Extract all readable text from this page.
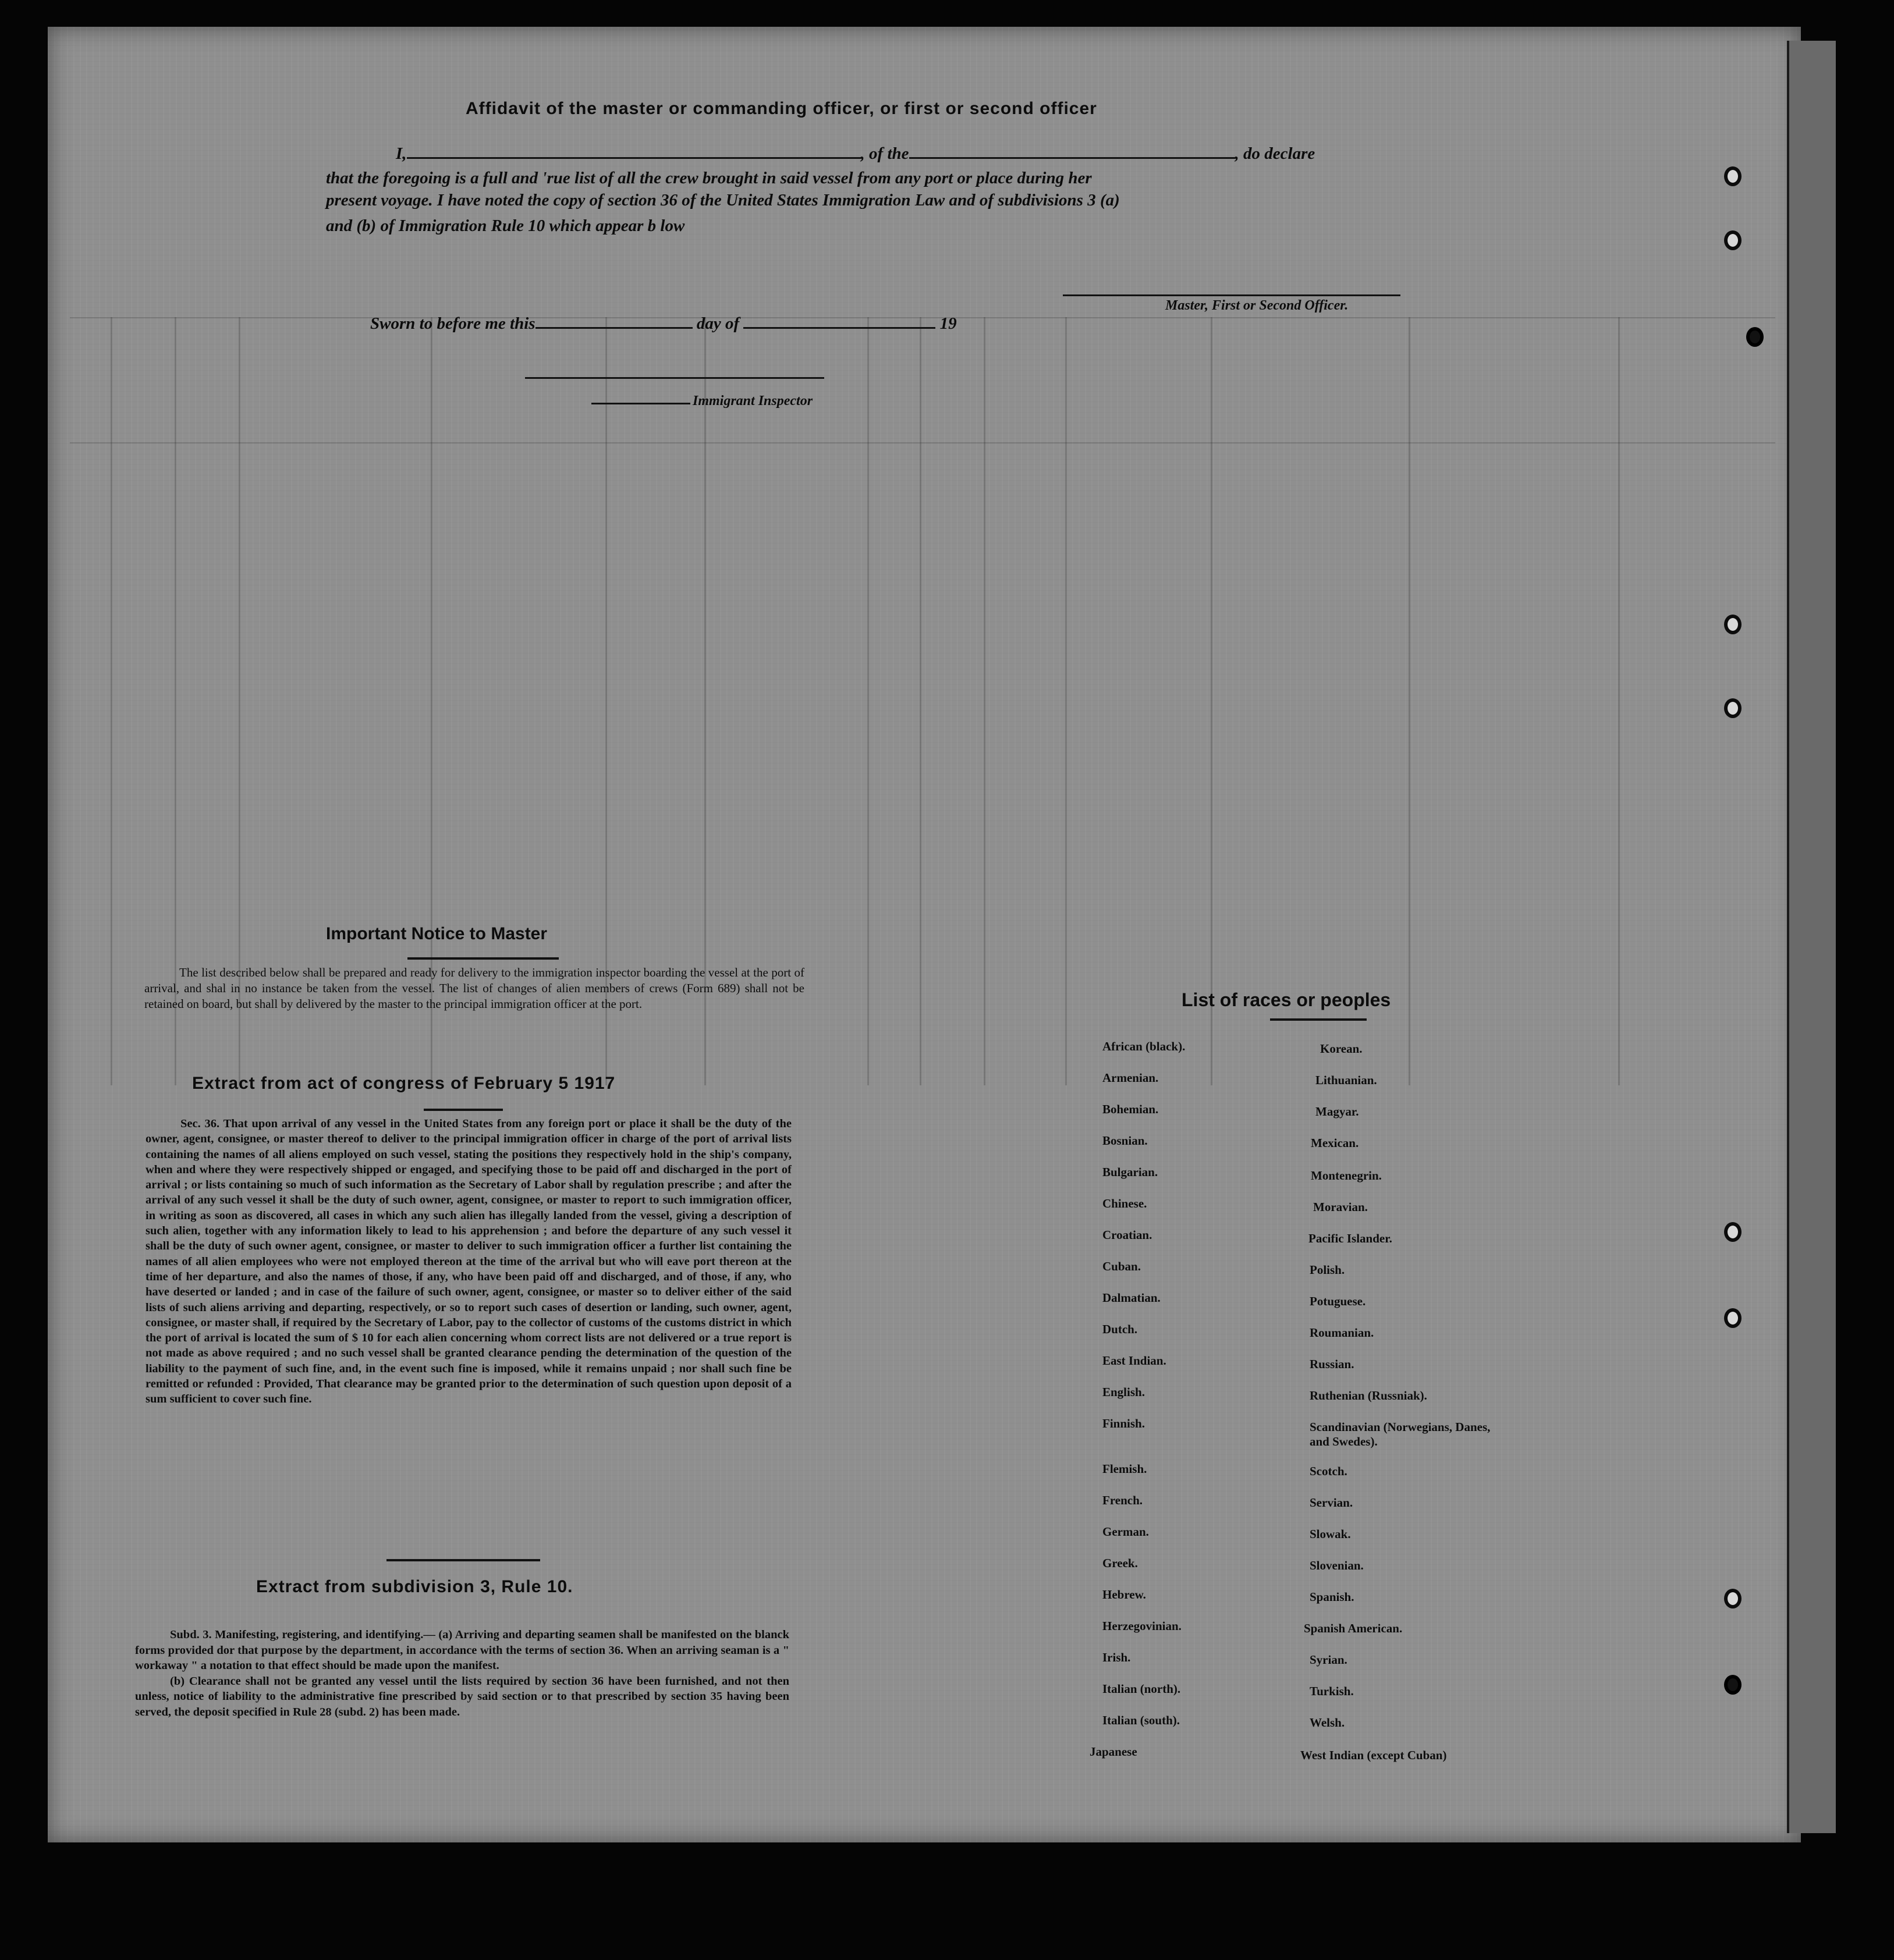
Affidavit of the master or commanding officer, or first or second officer
I,	, of the	, do declare
that the foregoing is a full and 'rue list of all the crew brought in said vessel from any port or place during her
present voyage. I have noted the copy of section 36 of the United States Immigration Law and of subdivisions 3 (a)
and (b) of Immigration Rule 10 which appear b low
Master, First or Second Officer.
Sworn to before me this	day of	19
Immigrant Inspector
Important Notice to Master
The list described below shall be prepared and ready for delivery to the immigration inspector boarding the vessel at the port of arrival, and shal in no instance be taken from the vessel. The list of changes of alien members of crews (Form 689) shall not be retained on board, but shall by delivered by the master to the principal immigration officer at the port.
Extract from act of congress of February 5 1917
Sec. 36. That upon arrival of any vessel in the United States from any foreign port or place it shall be the duty of the owner, agent, consignee, or master thereof to deliver to the principal immigration officer in charge of the port of arrival lists containing the names of all aliens employed on such vessel, stating the positions they respectively hold in the ship's company, when and where they were respectively shipped or engaged, and specifying those to be paid off and discharged in the port of arrival ; or lists containing so much of such information as the Secretary of Labor shall by regulation prescribe ; and after the arrival of any such vessel it shall be the duty of such owner, agent, consignee, or master to report to such immigration officer, in writing as soon as discovered, all cases in which any such alien has illegally landed from the vessel, giving a description of such alien, together with any information likely to lead to his apprehension ; and before the departure of any such vessel it shall be the duty of such owner agent, consignee, or master to deliver to such immigration officer a further list containing the names of all alien employees who were not employed thereon at the time of the arrival but who will eave port thereon at the time of her departure, and also the names of those, if any, who have been paid off and discharged, and of those, if any, who have deserted or landed ; and in case of the failure of such owner, agent, consignee, or master so to deliver either of the said lists of such aliens arriving and departing, respectively, or so to report such cases of desertion or landing, such owner, agent, consignee, or master shall, if required by the Secretary of Labor, pay to the collector of customs of the customs district in which the port of arrival is located the sum of $ 10 for each alien concerning whom correct lists are not delivered or a true report is not made as above required ; and no such vessel shall be granted clearance pending the determination of the question of the liability to the payment of such fine, and, in the event such fine is imposed, while it remains unpaid ; nor shall such fine be remitted or refunded : Provided, That clearance may be granted prior to the determination of such question upon deposit of a sum sufficient to cover such fine.
Extract from subdivision 3, Rule 10.

Subd. 3. Manifesting, registering, and identifying.— (a) Arriving and departing seamen shall be manifested on the blanck forms provided dor that purpose by the department, in accordance with the terms of section 36. When an arriving seaman is a " workaway " a notation to that effect should be made upon the manifest.

(b) Clearance shall not be granted any vessel until the lists required by section 36 have been furnished, and not then unless, notice of liability to the administrative fine prescribed by said section or to that prescribed by section 35 having been served, the deposit specified in Rule 28 (subd. 2) has been made.

List of races or peoples
African (black).
Armenian.
Bohemian.
Bosnian.
Bulgarian.
Chinese.
Croatian.
Cuban.
Dalmatian.
Dutch.
East Indian.
English.
Finnish.
Flemish.
French.
German.
Greek.
Hebrew.
Herzegovinian.
Irish.
Italian (north).
Italian (south).
Japanese
Korean.
Lithuanian.
Magyar.
Mexican.
Montenegrin.
Moravian.
Pacific Islander.
Polish.
Potuguese.
Roumanian.
Russian.
Ruthenian (Russniak).
Scandinavian (Norwegians, Danes, and Swedes).
Scotch.
Servian.
Slowak.
Slovenian.
Spanish.
Spanish American.
Syrian.
Turkish.
Welsh.
West Indian (except Cuban)
